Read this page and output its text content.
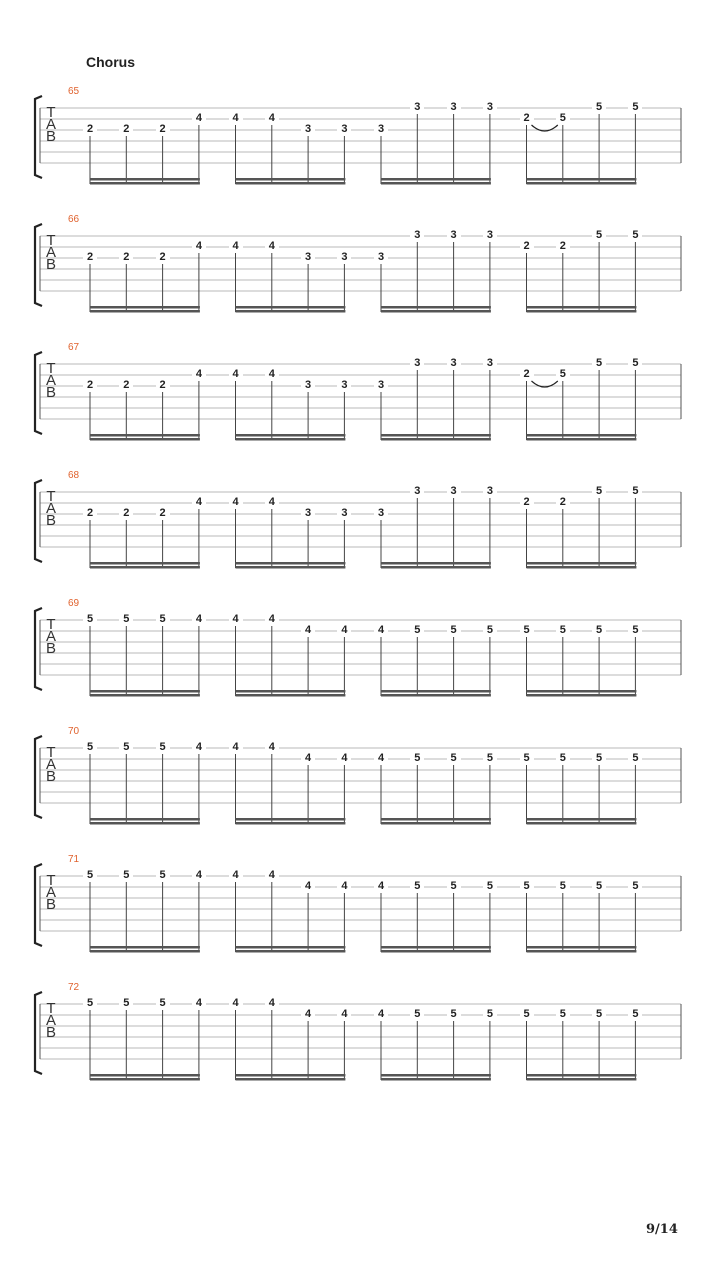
Chorus
65
T
A
B	2	2	2
4	4	4
3	3	3
3	3	3
2	5
5	5
66
T
A
B	2	2	2
4	4	4
3	3	3
3	3	3
2	2
5	5
67
T
A
B	2	2	2
4	4	4
3	3	3
3	3	3
2	5
5	5
68
T
A
B	2	2	2
4	4	4
3	3	3
3	3	3
2	2
5	5
69
T
A
B
5	5	5	4	4	4
4	4	4	5	5	5	5	5	5	5
70
T
A
B
5	5	5	4	4	4
4	4	4	5	5	5	5	5	5	5
71
T
A
B
5	5	5	4	4	4
4	4	4	5	5	5	5	5	5	5
72
T
A
B
5	5	5	4	4	4
4	4	4	5	5	5	5	5	5	5
9/14
